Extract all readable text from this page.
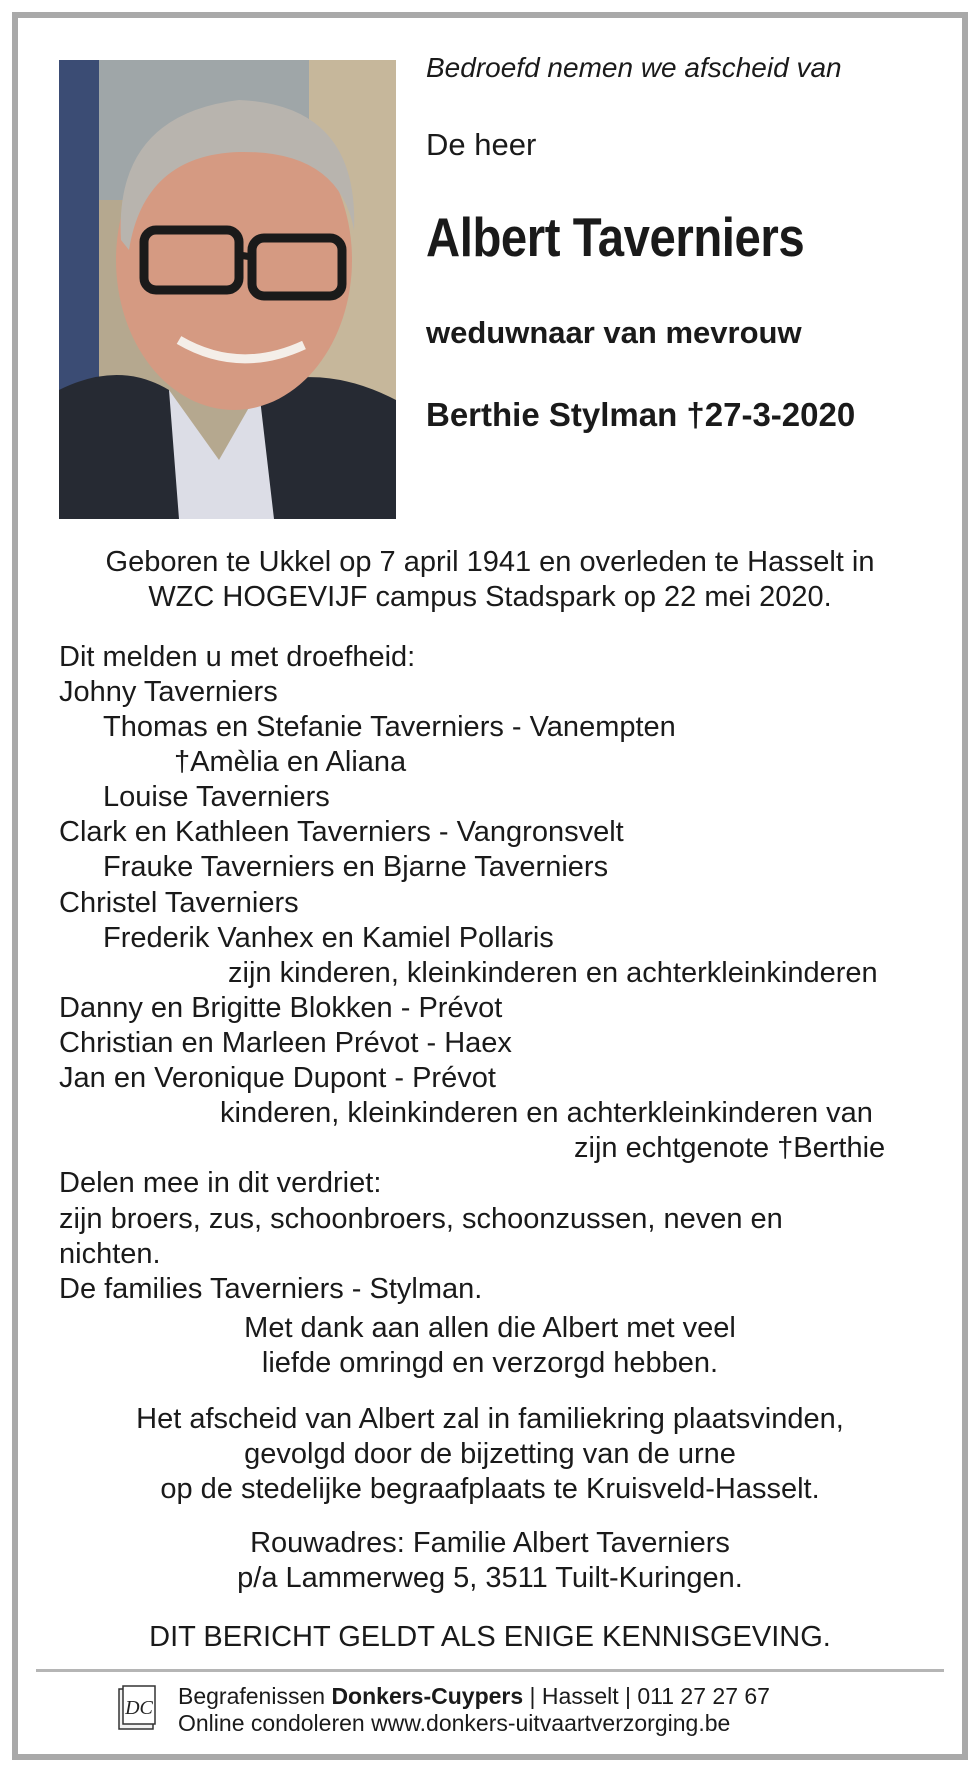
Bedroefd nemen we afscheid van
De heer
Albert Taverniers
weduwnaar van mevrouw
Berthie Stylman †27-3-2020
Geboren te Ukkel op 7 april 1941 en overleden te Hasselt in
WZC HOGEVIJF campus Stadspark op 22 mei 2020.
Dit melden u met droefheid:
Johny Taverniers
Thomas en Stefanie Taverniers - Vanempten
†Amèlia en Aliana
Louise Taverniers
Clark en Kathleen Taverniers - Vangronsvelt
Frauke Taverniers en Bjarne Taverniers
Christel Taverniers
Frederik Vanhex en Kamiel Pollaris
zijn kinderen, kleinkinderen en achterkleinkinderen
Danny en Brigitte Blokken - Prévot
Christian en Marleen Prévot - Haex
Jan en Veronique Dupont - Prévot
kinderen, kleinkinderen en achterkleinkinderen van
zijn echtgenote †Berthie
Delen mee in dit verdriet:
zijn broers, zus, schoonbroers, schoonzussen, neven en
nichten.
De families Taverniers - Stylman.
Met dank aan allen die Albert met veel
liefde omringd en verzorgd hebben.
Het afscheid van Albert zal in familiekring plaatsvinden,
gevolgd door de bijzetting van de urne
op de stedelijke begraafplaats te Kruisveld-Hasselt.
Rouwadres: Familie Albert Taverniers
p/a Lammerweg 5, 3511 Tuilt-Kuringen.
DIT BERICHT GELDT ALS ENIGE KENNISGEVING.
DC Begrafenissen Donkers-Cuypers | Hasselt | 011 27 27 67
Online condoleren www.donkers-uitvaartverzorging.be
